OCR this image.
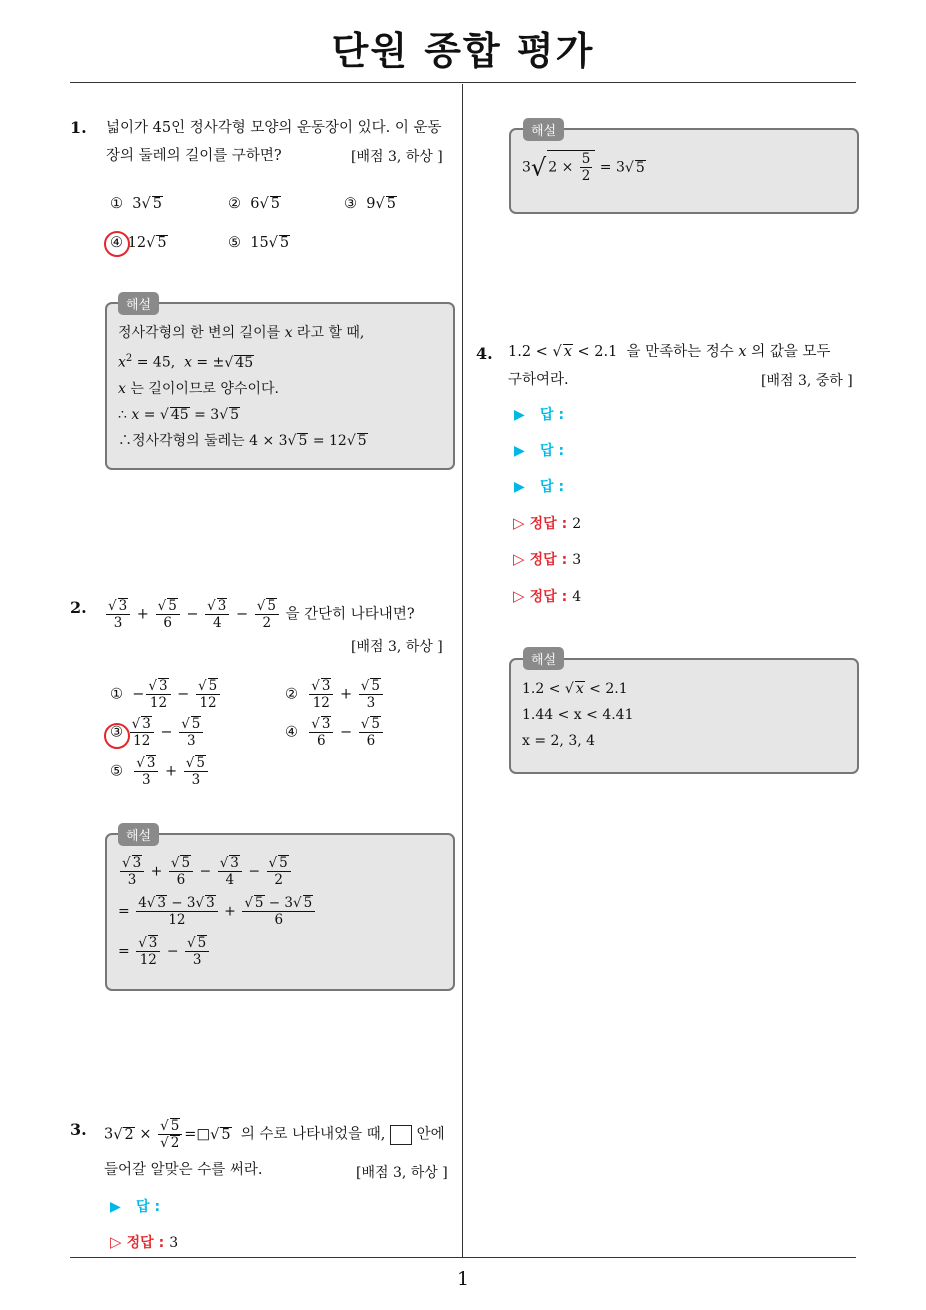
단원 종합 평가
1
1. 넓이가 45인 정사각형 모양의 운동장이 있다. 이 운동
장의 둘레의 길이를 구하면?	[배점 3, 하상 ]
①  3 √ 5	②  6 √ 5	③  9 √ 5
④ 12 √ 5	⑤  15 √ 5
해설
정사각형의 한 변의 길이를 x 라고 할 때,
$x^2 = 45$,  x = ± √ 45
x 는 길이이므로 양수이다.
∴ x = √ 45 = 3 √ 5
∴정사각형의 둘레는 4 × 3 √ 5 = 12 √ 5
2. √ $\frac{3}{3}$ + √ $\frac{5}{6}$ − √ $\frac{3}{4}$ − √ $\frac{5}{2}$ 을 간단히 나타내면?
[배점 3, 하상 ]
①  − √ $\frac{3}{12}$ − √ $\frac{5}{12}$	② √ $\frac{3}{12}$ + √ $\frac{5}{3}$
③ √ $\frac{3}{12}$ − √ $\frac{5}{3}$	④ √ $\frac{3}{6}$ − √ $\frac{5}{6}$
⑤ √ $\frac{3}{3}$ + √ $\frac{5}{3}$
해설
√ $\frac{3}{3}$ + √ $\frac{5}{6}$ − √ $\frac{3}{4}$ − √ $\frac{5}{2}$
= $\frac{4 √ 3 - 3 √ 3}{12}$ + √ $\frac{5 - 3 √ 5}{6}$
= √ $\frac{3}{12}$ − √ $\frac{5}{3}$
3. 3 √ 2 × √ 5
√ 2 =□ √ 5 의 수로 나타내었을 때, 안에
들어갈 알맞은 수를 써라.	[배점 3, 하상 ]
▶ 답 :
▷ 정답 : 3
해설
3√ $2 \times \frac{5}{2} = 3$ √ 5
4. 1.2 < √ x < 2.1  을 만족하는 정수 x 의 값을 모두
구하여라.	[배점 3, 중하 ]
▶ 답 :
▶ 답 :
▶ 답 :
▷ 정답 : 2
▷ 정답 : 3
▷ 정답 : 4
해설
1.2 < √ x < 2.1
1.44 < x < 4.41
x = 2, 3, 4
